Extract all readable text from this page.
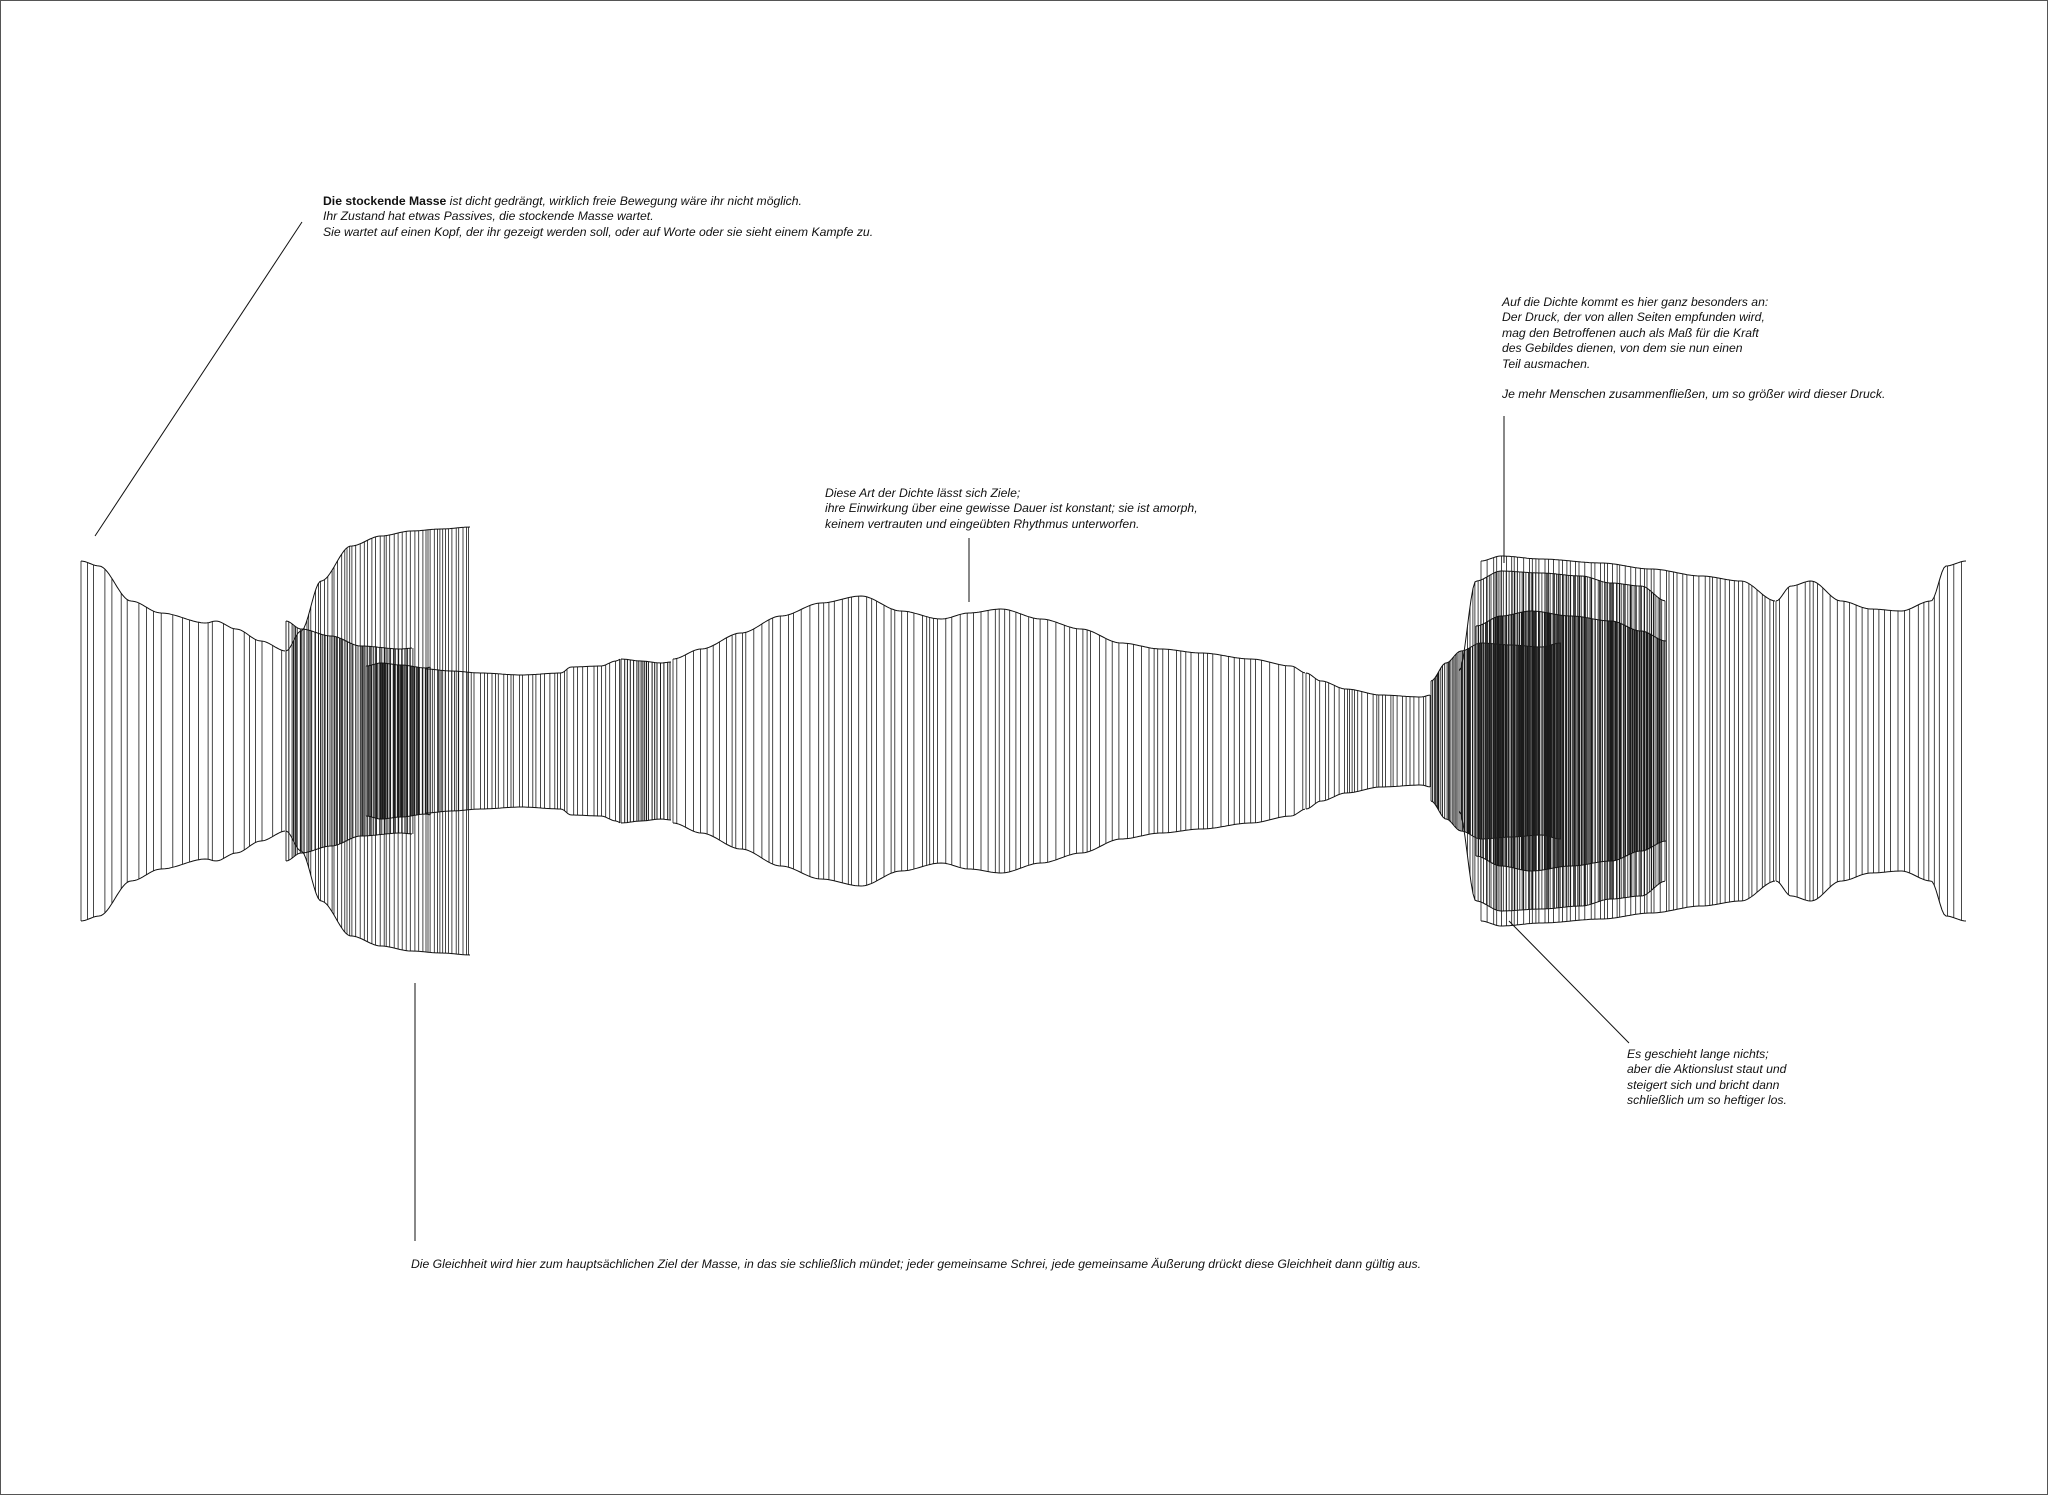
Die stockende Masse ist dicht gedrängt, wirklich freie Bewegung wäre ihr nicht möglich.
Ihr Zustand hat etwas Passives, die stockende Masse wartet.
Sie wartet auf einen Kopf, der ihr gezeigt werden soll, oder auf Worte oder sie sieht einem Kampfe zu.
Diese Art der Dichte lässt sich Ziele;
ihre Einwirkung über eine gewisse Dauer ist konstant; sie ist amorph,
keinem vertrauten und eingeübten Rhythmus unterworfen.
Auf die Dichte kommt es hier ganz besonders an:
Der Druck, der von allen Seiten empfunden wird,
mag den Betroffenen auch als Maß für die Kraft
des Gebildes dienen, von dem sie nun einen
Teil ausmachen.
Je mehr Menschen zusammenfließen, um so größer wird dieser Druck.
Es geschieht lange nichts;
aber die Aktionslust staut und
steigert sich und bricht dann
schließlich um so heftiger los.
Die Gleichheit wird hier zum hauptsächlichen Ziel der Masse, in das sie schließlich mündet; jeder gemeinsame Schrei, jede gemeinsame Äußerung drückt diese Gleichheit dann gültig aus.
